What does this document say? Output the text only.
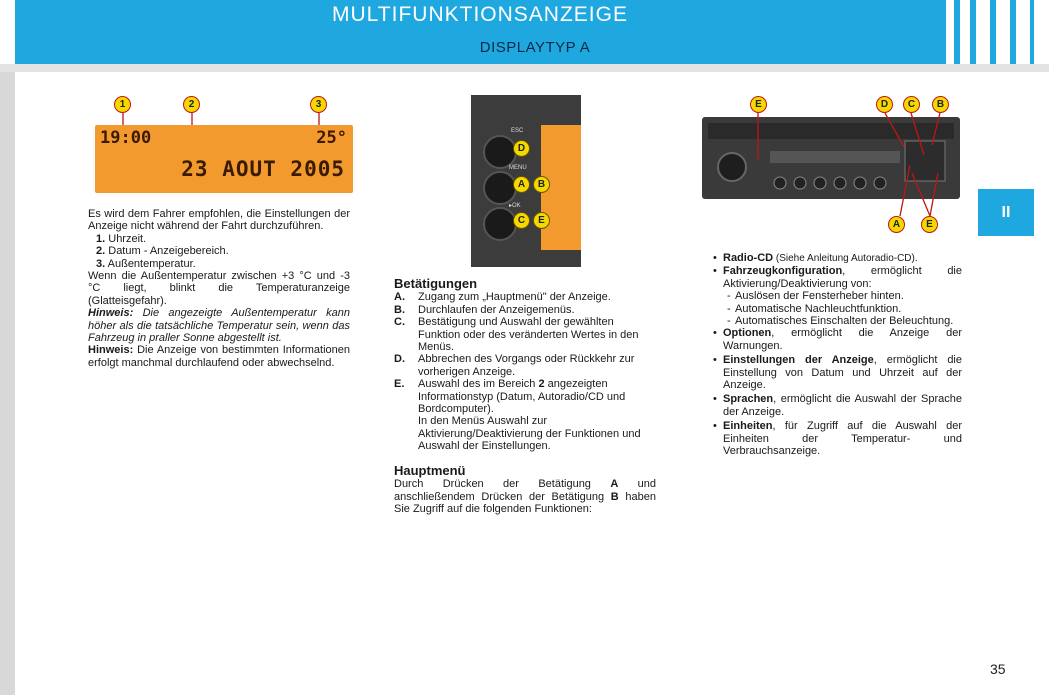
MULTIFUNKTIONSANZEIGE
DISPLAYTYP A
II
35
1	2	3
19:00	25°
23 AOUT 2005
ESC
MENU
▸OK
D
A	B
C	E
E	D	C	B
A	E

Es wird dem Fahrer empfohlen, die Einstellungen der Anzeige nicht während der Fahrt durchzuführen.

1. Uhrzeit.
2. Datum - Anzeigebereich.
3. Außentemperatur.

Wenn die Außentemperatur zwischen +3 °C und -3 °C liegt, blinkt die Temperaturanzeige (Glatteisgefahr).

Hinweis: Die angezeigte Außentemperatur kann höher als die tatsächliche Temperatur sein, wenn das Fahrzeug in praller Sonne abgestellt ist.

Hinweis: Die Anzeige von bestimmten Informationen erfolgt manchmal durchlaufend oder abwechselnd.

Betätigungen
A.	Zugang zum „Hauptmenü" der Anzeige.
B.	Durchlaufen der Anzeigemenüs.
C.	Bestätigung und Auswahl der gewählten Funktion oder des veränderten Wertes in den Menüs.
D.	Abbrechen des Vorgangs oder Rückkehr zur vorherigen Anzeige.
E.	Auswahl des im Bereich 2 angezeigten Informationstyp (Datum, Autoradio/CD und Bordcomputer).
In den Menüs Auswahl zur Aktivierung/Deaktivierung der Funktionen und Auswahl der Einstellungen.
Hauptmenü

Durch Drücken der Betätigung A und anschließendem Drücken der Betätigung B haben Sie Zugriff auf die folgenden Funktionen:

• Radio-CD (Siehe Anleitung Autoradio-CD).
• Fahrzeugkonfiguration, ermöglicht die Aktivierung/Deaktivierung von:
- Auslösen der Fensterheber hinten.
- Automatische Nachleuchtfunktion.
- Automatisches Einschalten der Beleuchtung.
• Optionen, ermöglicht die Anzeige der Warnungen.
• Einstellungen der Anzeige, ermöglicht die Einstellung von Datum und Uhrzeit auf der Anzeige.
• Sprachen, ermöglicht die Auswahl der Sprache der Anzeige.
• Einheiten, für Zugriff auf die Auswahl der Einheiten der Temperatur- und Verbrauchsanzeige.
